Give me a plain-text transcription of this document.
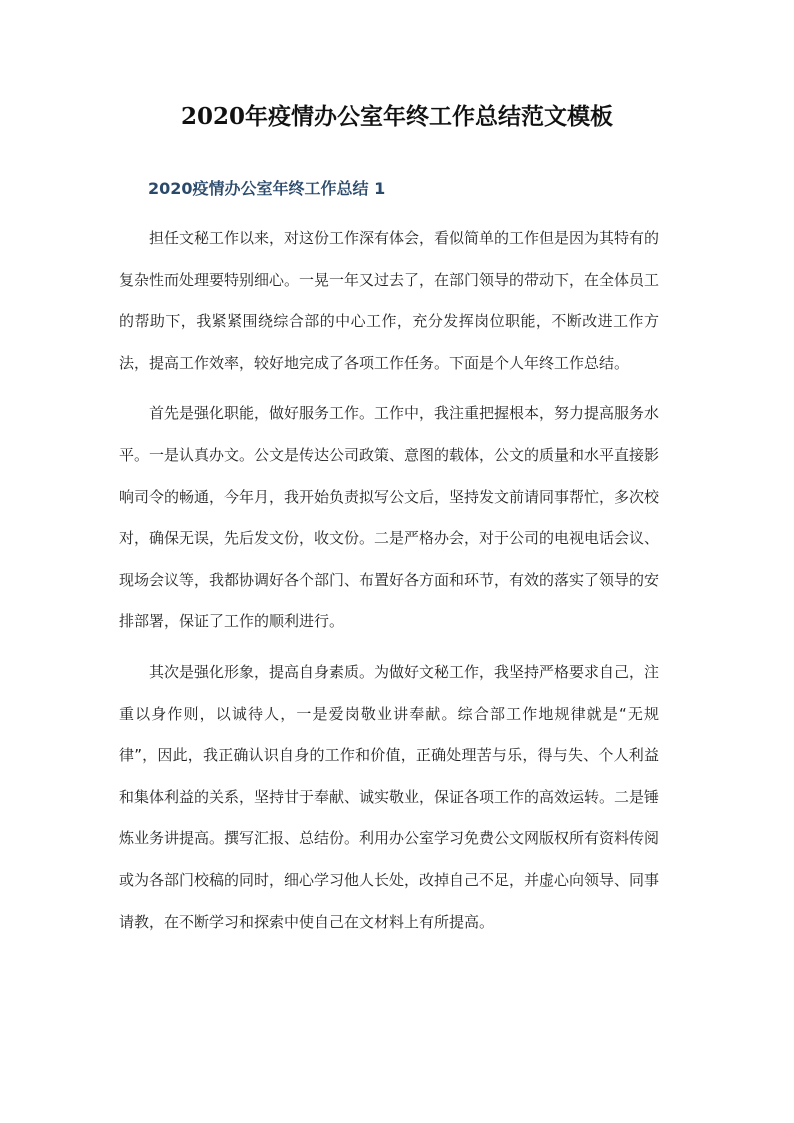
2020年疫情办公室年终工作总结范文模板
2020疫情办公室年终工作总结 1

担任文秘工作以来，对这份工作深有体会，看似简单的工作但是因为其特有的复杂性而处理要特别细心。一晃一年又过去了，在部门领导的带动下，在全体员工的帮助下，我紧紧围绕综合部的中心工作，充分发挥岗位职能，不断改进工作方法，提高工作效率，较好地完成了各项工作任务。下面是个人年终工作总结。

首先是强化职能，做好服务工作。工作中，我注重把握根本，努力提高服务水平。一是认真办文。公文是传达公司政策、意图的载体，公文的质量和水平直接影响司令的畅通，今年月，我开始负责拟写公文后，坚持发文前请同事帮忙，多次校对，确保无误，先后发文份，收文份。二是严格办会，对于公司的电视电话会议、现场会议等，我都协调好各个部门、布置好各方面和环节，有效的落实了领导的安排部署，保证了工作的顺利进行。

其次是强化形象，提高自身素质。为做好文秘工作，我坚持严格要求自己，注重以身作则，以诚待人，一是爱岗敬业讲奉献。综合部工作地规律就是“无规律”，因此，我正确认识自身的工作和价值，正确处理苦与乐，得与失、个人利益和集体利益的关系，坚持甘于奉献、诚实敬业，保证各项工作的高效运转。二是锤炼业务讲提高。撰写汇报、总结份。利用办公室学习免费公文网版权所有资料传阅或为各部门校稿的同时，细心学习他人长处，改掉自己不足，并虚心向领导、同事请教，在不断学习和探索中使自己在文材料上有所提高。
